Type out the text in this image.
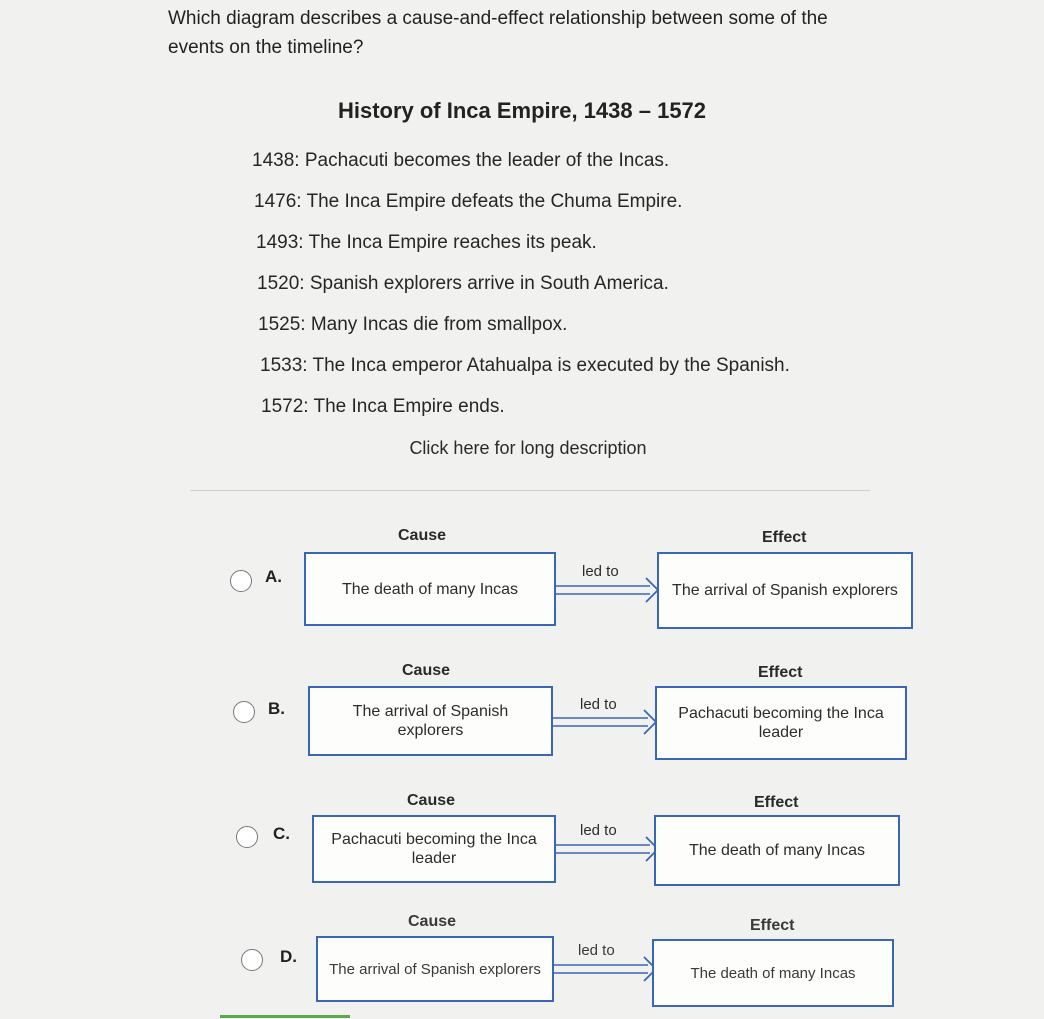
Which diagram describes a cause-and-effect relationship between some of the events on the timeline?
History of Inca Empire, 1438 – 1572
1438: Pachacuti becomes the leader of the Incas.
1476: The Inca Empire defeats the Chuma Empire.
1493: The Inca Empire reaches its peak.
1520: Spanish explorers arrive in South America.
1525: Many Incas die from smallpox.
1533: The Inca emperor Atahualpa is executed by the Spanish.
1572: The Inca Empire ends.
Click here for long description
Cause	Effect
A.
The death of many Incas
led to
The arrival of Spanish explorers
Cause	Effect
B.	The arrival of Spanish explorers
led to
Pachacuti becoming the Inca leader
Cause	Effect
C.	Pachacuti becoming the Inca leader
led to
The death of many Incas
Cause	Effect
D.
The arrival of Spanish explorers
led to
The death of many Incas
